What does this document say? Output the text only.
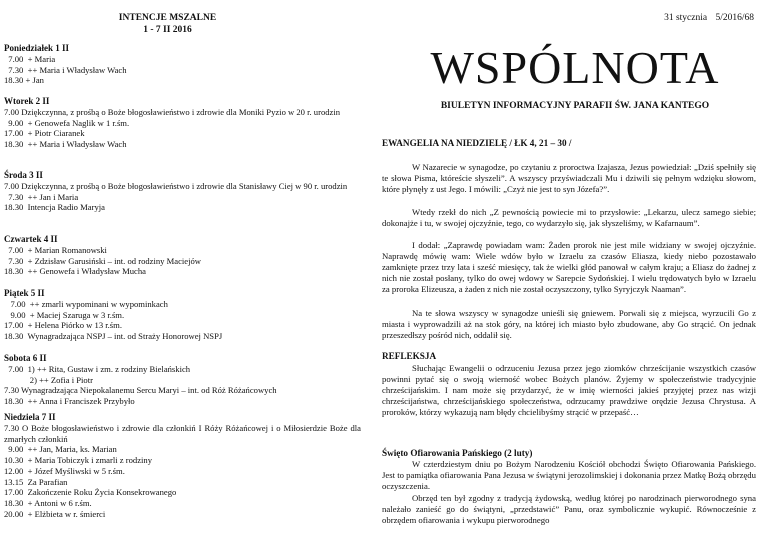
INTENCJE MSZALNE
1 - 7 II 2016
Poniedziałek 1 II
7.00  + Maria
7.30  ++ Maria i Władysław Wach
18.30 + Jan
Wtorek 2 II
7.00 Dziękczynna, z prośbą o Boże błogosławieństwo i zdrowie dla Moniki Pyzio w 20 r. urodzin
9.00  + Genowefa Naglik w 1 r.śm.
17.00  + Piotr Ciaranek
18.30  ++ Maria i Władysław Wach
Środa 3 II
7.00 Dziękczynna, z prośbą o Boże błogosławieństwo i zdrowie dla Stanisławy Ciej w 90 r. urodzin
7.30  ++ Jan i Maria
18.30  Intencja Radio Maryja
Czwartek 4 II
7.00  + Marian Romanowski
7.30  + Zdzisław Garusiński – int. od rodziny Maciejów
18.30  ++ Genowefa i Władysław Mucha
Piątek 5 II
7.00  ++ zmarli wypominani w wypominkach
9.00  + Maciej Szaruga w 3 r.śm.
17.00  + Helena Piórko w 13 r.śm.
18.30  Wynagradzająca NSPJ – int. od Straży Honorowej NSPJ
Sobota 6 II
7.00  1) ++ Rita, Gustaw i zm. z rodziny Bielańskich
2) ++ Zofia i Piotr
7.30 Wynagradzająca Niepokalanemu Sercu Maryi – int. od Róż Różańcowych
18.30  ++ Anna i Franciszek Przybyło
Niedziela 7 II
7.30 O Boże błogosławieństwo i zdrowie dla członkiń I Róży Różańcowej i o Miłosierdzie Boże dla zmarłych członkiń
9.00  ++ Jan, Maria, ks. Marian
10.30  + Maria Tobiczyk i zmarli z rodziny
12.00  + Józef Myśliwski w 5 r.śm.
13.15  Za Parafian
17.00  Zakończenie Roku Życia Konsekrowanego
18.30  + Antoni w 6 r.śm.
20.00  + Elżbieta w r. śmierci
31 stycznia 5/2016/68
WSPÓLNOTA
BIULETYN INFORMACYJNY PARAFII ŚW. JANA KANTEGO
EWANGELIA NA NIEDZIELĘ / ŁK 4, 21 – 30 /
W Nazarecie w synagodze, po czytaniu z proroctwa Izajasza, Jezus powiedział: „Dziś spełniły się te słowa Pisma, któreście słyszeli”. A wszyscy przyświadczali Mu i dziwili się pełnym wdzięku słowom, które płynęły z ust Jego. I mówili: „Czyż nie jest to syn Józefa?”.
Wtedy rzekł do nich „Z pewnością powiecie mi to przysłowie: „Lekarzu, ulecz samego siebie; dokonajże i tu, w swojej ojczyźnie, tego, co wydarzyło się, jak słyszeliśmy, w Kafarnaum”.
I dodał: „Zaprawdę powiadam wam: Żaden prorok nie jest mile widziany w swojej ojczyźnie. Naprawdę mówię wam: Wiele wdów było w Izraelu za czasów Eliasza, kiedy niebo pozostawało zamknięte przez trzy lata i sześć miesięcy, tak że wielki głód panował w całym kraju; a Eliasz do żadnej z nich nie został posłany, tylko do owej wdowy w Sarepcie Sydońskiej. I wielu trędowatych było w Izraelu za proroka Elizeusza, a żaden z nich nie został oczyszczony, tylko Syryjczyk Naaman”.
Na te słowa wszyscy w synagodze unieśli się gniewem. Porwali się z miejsca, wyrzucili Go z miasta i wyprowadzili aż na stok góry, na której ich miasto było zbudowane, aby Go strącić. On jednak przeszedłszy pośród nich, oddalił się.
REFLEKSJA
Słuchając Ewangelii o odrzuceniu Jezusa przez jego ziomków chrześcijanie wszystkich czasów powinni pytać się o swoją wierność wobec Bożych planów. Żyjemy w społeczeństwie tradycyjnie chrześcijańskim. I nam może się przydarzyć, że w imię wierności jakieś przyjętej przez nas wizji chrześcijaństwa, chrześcijańskiego społeczeństwa, odrzucamy prawdziwe orędzie Jezusa Chrystusa. A proroków, którzy wykazują nam błędy chcielibyśmy strącić w przepaść…
Święto Ofiarowania Pańskiego (2 luty)
W czterdziestym dniu po Bożym Narodzeniu Kościół obchodzi Święto Ofiarowania Pańskiego. Jest to pamiątka ofiarowania Pana Jezusa w świątyni jerozolimskiej i dokonania przez Matkę Bożą obrzędu oczyszczenia.
Obrzęd ten był zgodny z tradycją żydowską, według której po narodzinach pierworodnego syna należało zanieść go do świątyni, „przedstawić” Panu, oraz symbolicznie wykupić. Równocześnie z obrzędem ofiarowania i wykupu pierworodnego
